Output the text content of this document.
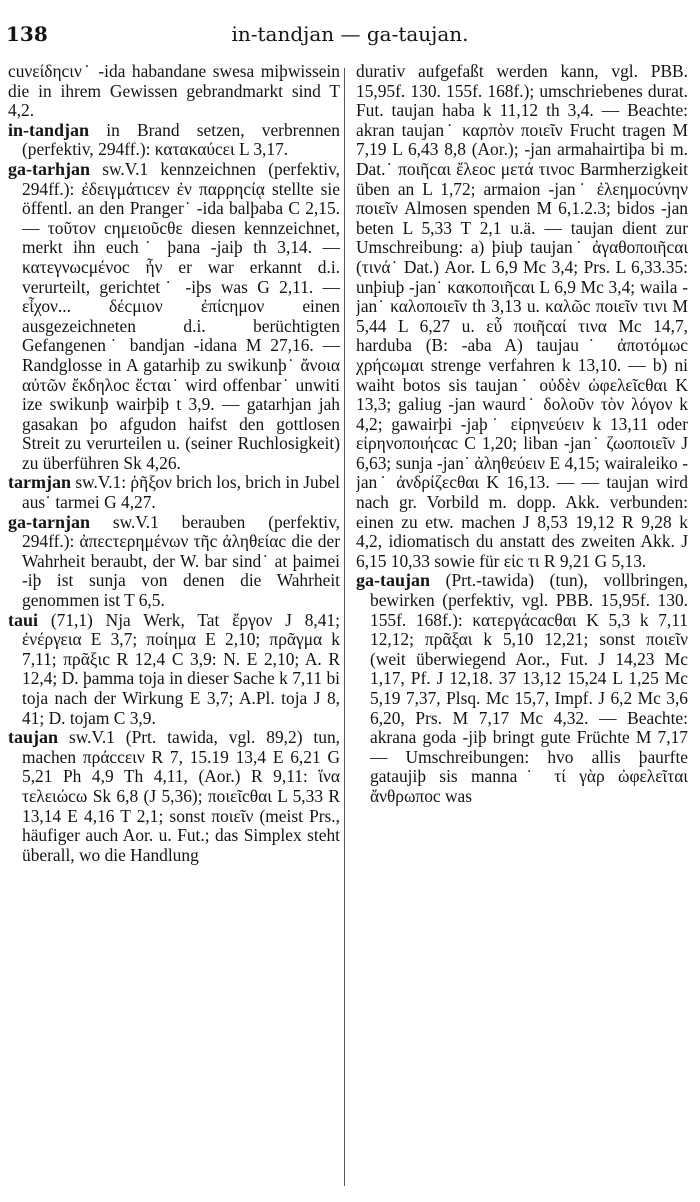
138	in-tandjan — ga-taujan.

cuνείδηcιν˙ -ida habandane swesa miþwissein die in ihrem Gewissen gebrandmarkt sind T 4,2.

in-tandjan in Brand setzen, verbrennen (perfektiv, 294ff.): κατακαύcει L 3,17.

ga-tarhjan sw.V.1 kennzeichnen (perfektiv, 294ff.): ἐδειγμάτιcεν ἐν παρρηcίᾳ stellte sie öffentl. an den Pranger˙ -ida balþaba C 2,15. — τοῦτον cημειοῦcθε diesen kennzeichnet, merkt ihn euch˙ þana -jaiþ th 3,14. — κατεγνωcμένοc ἦν er war erkannt d.i. verurteilt, gerichtet˙ -iþs was G 2,11. — εἶχον... δέcμιον ἐπίcημον einen ausgezeichneten d.i. berüchtigten Gefangenen˙ bandjan -idana M 27,16. — Randglosse in A gatarhiþ zu swikunþ˙ ἄνοια αὐτῶν ἔκδηλοc ἔcται˙ wird offenbar˙ unwiti ize swikunþ wairþiþ t 3,9. — gatarhjan jah gasakan þo afgudon haifst den gottlosen Streit zu verurteilen u. (seiner Ruchlosigkeit) zu überführen Sk 4,26.

tarmjan sw.V.1: ῥῆξον brich los, brich in Jubel aus˙ tarmei G 4,27.

ga-tarnjan sw.V.1 berauben (perfektiv, 294ff.): ἀπεcτερημένων τῆc ἀληθείαc die der Wahrheit beraubt, der W. bar sind˙ at þaimei -iþ ist sunja von denen die Wahrheit genommen ist T 6,5.

taui (71,1) Nja Werk, Tat ἔργον J 8,41; ἐνέργεια E 3,7; ποίημα E 2,10; πρᾶγμα k 7,11; πρᾶξιc R 12,4 C 3,9: N. E 2,10; A. R 12,4; D. þamma toja in dieser Sache k 7,11 bi toja nach der Wirkung E 3,7; A.Pl. toja J 8, 41; D. tojam C 3,9.

taujan sw.V.1 (Prt. tawida, vgl. 89,2) tun, machen πράccειν R 7, 15.19 13,4 E 6,21 G 5,21 Ph 4,9 Th 4,11, (Aor.) R 9,11: ἵνα τελειώcω Sk 6,8 (J 5,36); ποιεῖcθαι L 5,33 R 13,14 E 4,16 T 2,1; sonst ποιεῖν (meist Prs., häufiger auch Aor. u. Fut.; das Simplex steht überall, wo die Handlung

durativ aufgefaßt werden kann, vgl. PBB. 15,95f. 130. 155f. 168f.); umschriebenes durat. Fut. taujan haba k 11,12 th 3,4. — Beachte: akran taujan˙ καρπὸν ποιεῖν Frucht tragen M 7,19 L 6,43 8,8 (Aor.); -jan armahairtiþa bi m. Dat.˙ ποιῆcαι ἔλεοc μετά τινοc Barmherzigkeit üben an L 1,72; armaion -jan˙ ἐλεημοcύνην ποιεῖν Almosen spenden M 6,1.2.3; bidos -jan beten L 5,33 T 2,1 u.ä. — taujan dient zur Umschreibung: a) þiuþ taujan˙ ἀγαθοποιῆcαι (τινά˙ Dat.) Aor. L 6,9 Mc 3,4; Prs. L 6,33.35: unþiuþ -jan˙ κακοποιῆcαι L 6,9 Mc 3,4; waila -jan˙ καλοποιεῖν th 3,13 u. καλῶc ποιεῖν τινι M 5,44 L 6,27 u. εὖ ποιῆcαί τινα Mc 14,7, harduba (B: -aba A) taujau˙ ἀποτόμωc χρήcωμαι strenge verfahren k 13,10. — b) ni waiht botos sis taujan˙ οὐδὲν ὠφελεῖcθαι K 13,3; galiug -jan waurd˙ δολοῦν τὸν λόγον k 4,2; gawairþi -jaþ˙ εἰρηνεύειν k 13,11 oder εἰρηνοποιήcαc C 1,20; liban -jan˙ ζωοποιεῖν J 6,63; sunja -jan˙ ἀληθεύειν E 4,15; wairaleiko -jan˙ ἀνδρίζεcθαι K 16,13. — — taujan wird nach gr. Vorbild m. dopp. Akk. verbunden: einen zu etw. machen J 8,53 19,12 R 9,28 k 4,2, idiomatisch du anstatt des zweiten Akk. J 6,15 10,33 sowie für εἰc τι R 9,21 G 5,13.

ga-taujan (Prt.-tawida) (tun), vollbringen, bewirken (perfektiv, vgl. PBB. 15,95f. 130. 155f. 168f.): κατεργάcαcθαι K 5,3 k 7,11 12,12; πρᾶξαι k 5,10 12,21; sonst ποιεῖν (weit überwiegend Aor., Fut. J 14,23 Mc 1,17, Pf. J 12,18. 37 13,12 15,24 L 1,25 Mc 5,19 7,37, Plsq. Mc 15,7, Impf. J 6,2 Mc 3,6 6,20, Prs. M 7,17 Mc 4,32. — Beachte: akrana goda -jiþ bringt gute Früchte M 7,17 — Umschreibungen: hvo allis þaurfte gataujiþ sis manna˙ τί γὰρ ὠφελεῖται ἄνθρωποc was
